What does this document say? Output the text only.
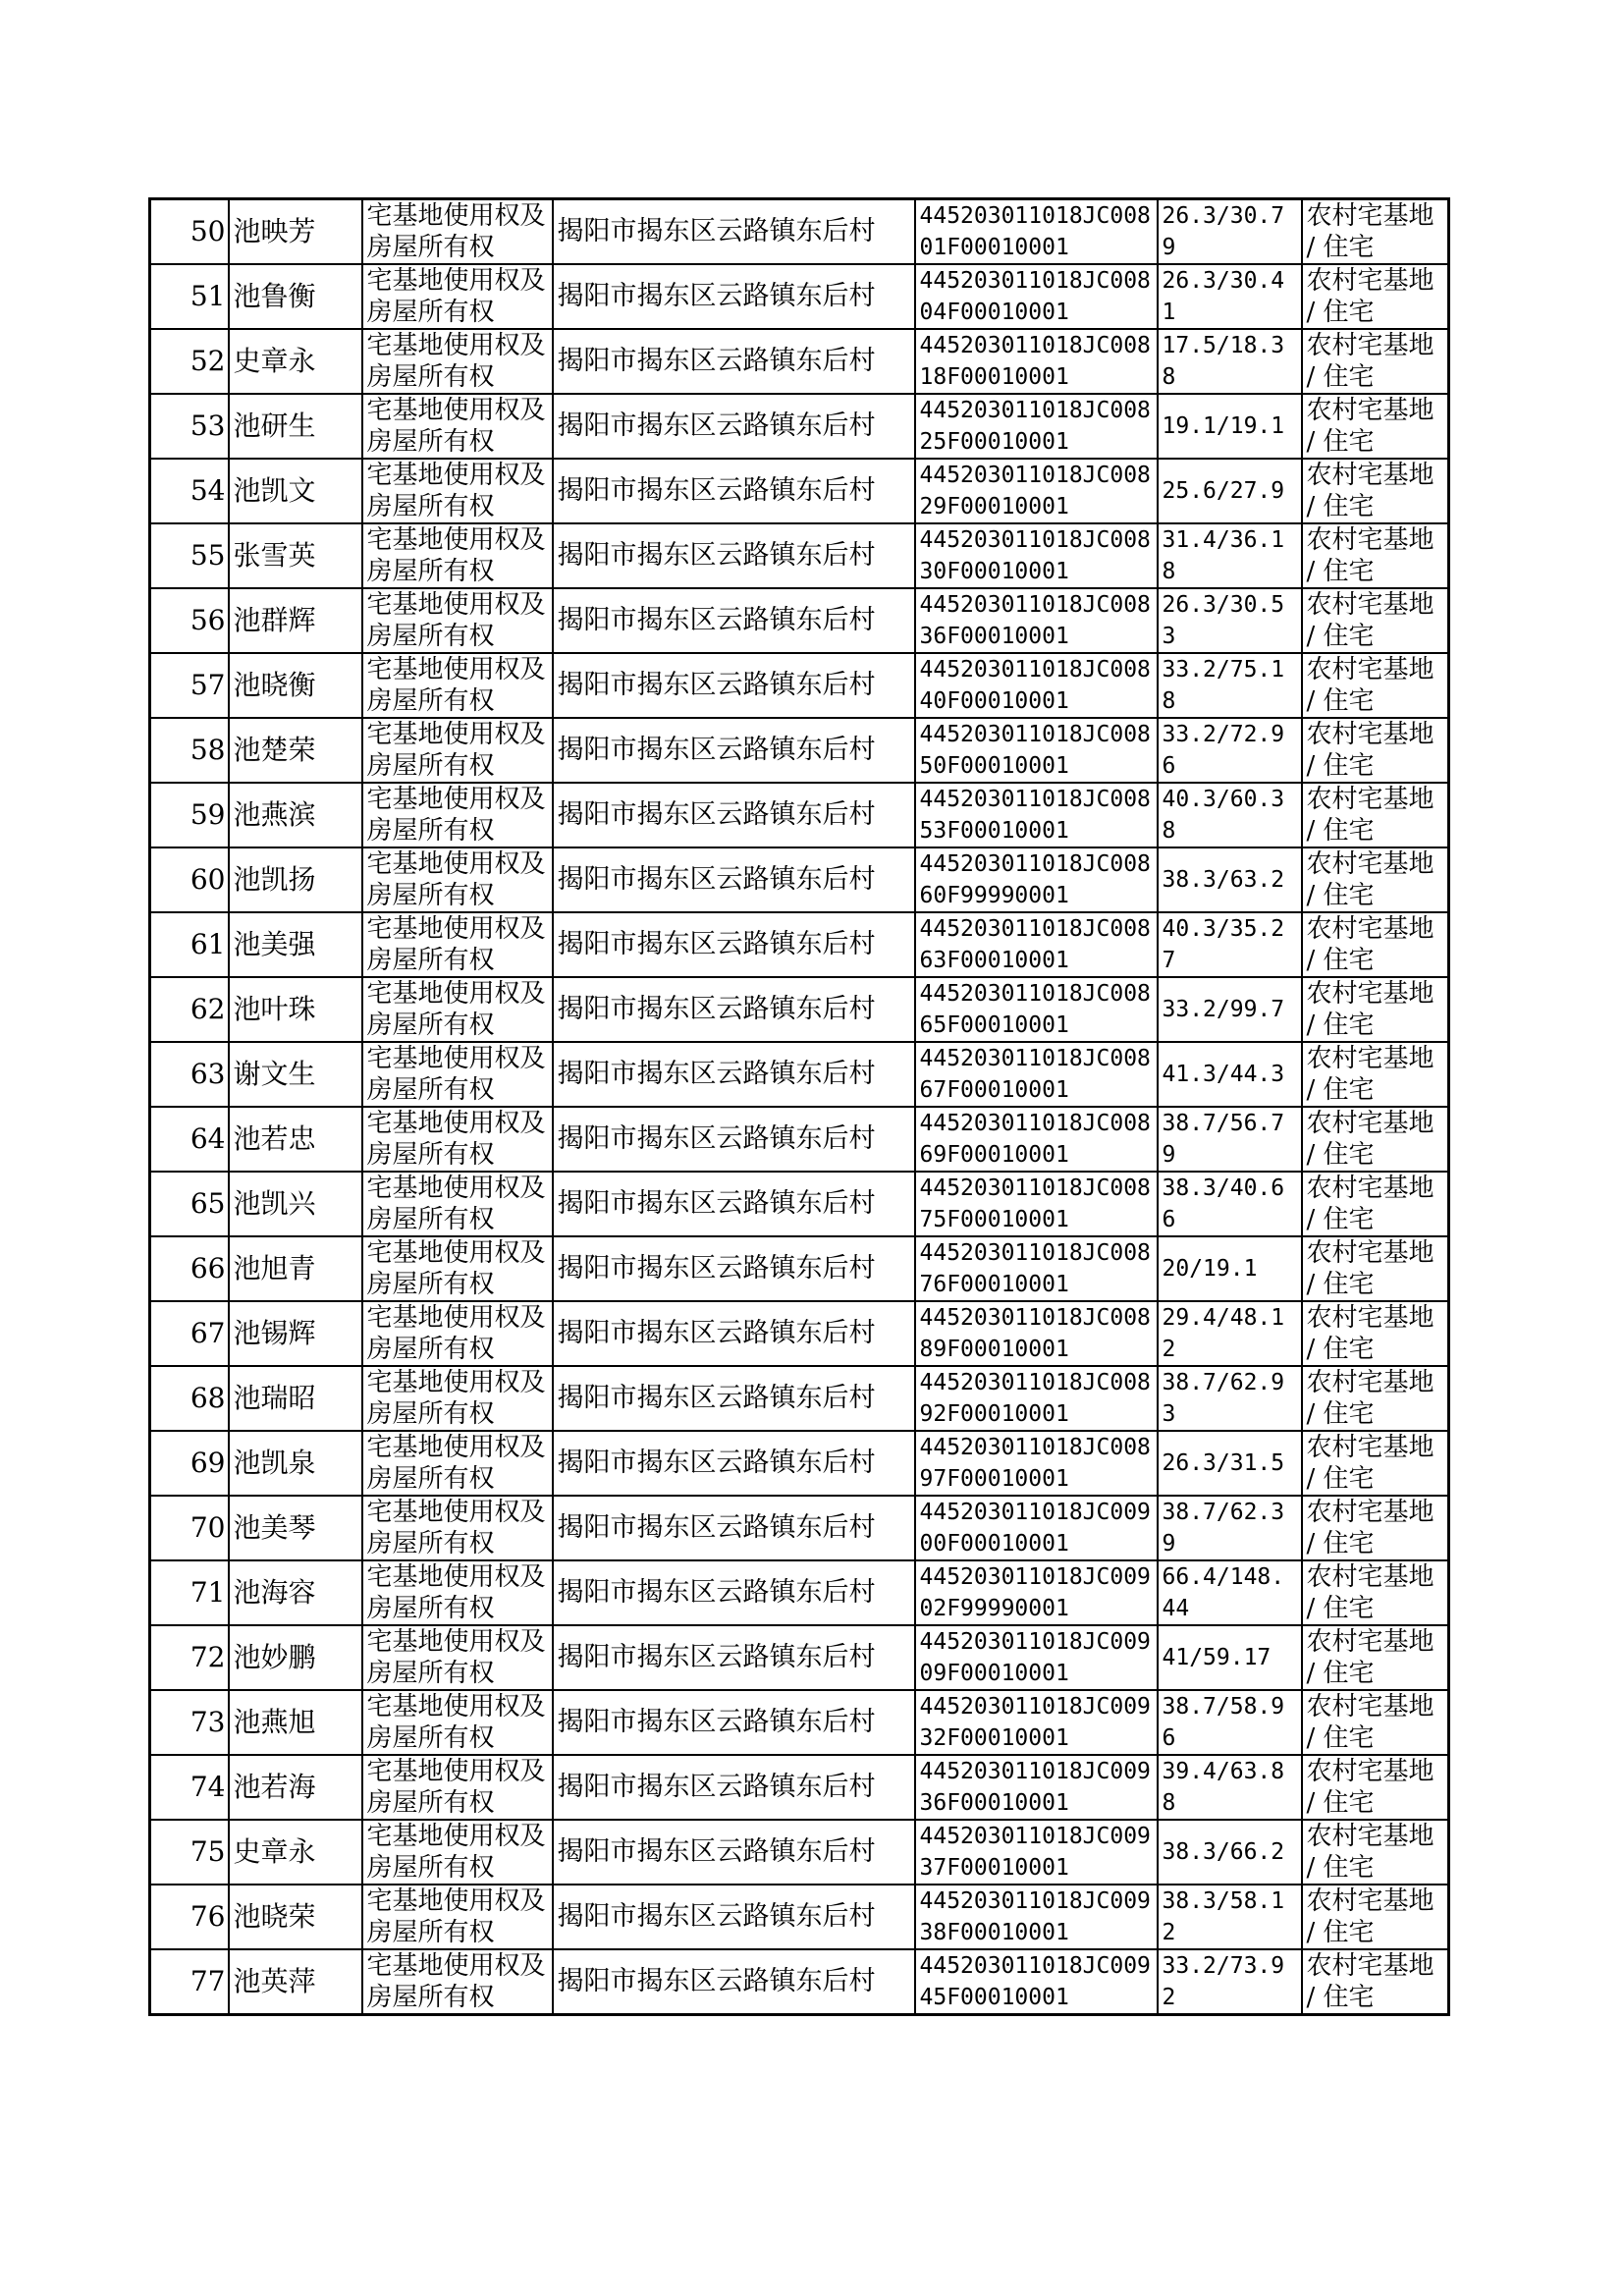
50	池映芳	宅基地使用权及房屋所有权	揭阳市揭东区云路镇东后村	445203011018JC00801F00010001	26.3/30.79	农村宅基地 / 住宅
51	池鲁衡	宅基地使用权及房屋所有权	揭阳市揭东区云路镇东后村	445203011018JC00804F00010001	26.3/30.41	农村宅基地 / 住宅
52	史章永	宅基地使用权及房屋所有权	揭阳市揭东区云路镇东后村	445203011018JC00818F00010001	17.5/18.38	农村宅基地 / 住宅
53	池研生	宅基地使用权及房屋所有权	揭阳市揭东区云路镇东后村	445203011018JC00825F00010001	19.1/19.1	农村宅基地 / 住宅
54	池凯文	宅基地使用权及房屋所有权	揭阳市揭东区云路镇东后村	445203011018JC00829F00010001	25.6/27.9	农村宅基地 / 住宅
55	张雪英	宅基地使用权及房屋所有权	揭阳市揭东区云路镇东后村	445203011018JC00830F00010001	31.4/36.18	农村宅基地 / 住宅
56	池群辉	宅基地使用权及房屋所有权	揭阳市揭东区云路镇东后村	445203011018JC00836F00010001	26.3/30.53	农村宅基地 / 住宅
57	池晓衡	宅基地使用权及房屋所有权	揭阳市揭东区云路镇东后村	445203011018JC00840F00010001	33.2/75.18	农村宅基地 / 住宅
58	池楚荣	宅基地使用权及房屋所有权	揭阳市揭东区云路镇东后村	445203011018JC00850F00010001	33.2/72.96	农村宅基地 / 住宅
59	池燕滨	宅基地使用权及房屋所有权	揭阳市揭东区云路镇东后村	445203011018JC00853F00010001	40.3/60.38	农村宅基地 / 住宅
60	池凯扬	宅基地使用权及房屋所有权	揭阳市揭东区云路镇东后村	445203011018JC00860F99990001	38.3/63.2	农村宅基地 / 住宅
61	池美强	宅基地使用权及房屋所有权	揭阳市揭东区云路镇东后村	445203011018JC00863F00010001	40.3/35.27	农村宅基地 / 住宅
62	池叶珠	宅基地使用权及房屋所有权	揭阳市揭东区云路镇东后村	445203011018JC00865F00010001	33.2/99.7	农村宅基地 / 住宅
63	谢文生	宅基地使用权及房屋所有权	揭阳市揭东区云路镇东后村	445203011018JC00867F00010001	41.3/44.3	农村宅基地 / 住宅
64	池若忠	宅基地使用权及房屋所有权	揭阳市揭东区云路镇东后村	445203011018JC00869F00010001	38.7/56.79	农村宅基地 / 住宅
65	池凯兴	宅基地使用权及房屋所有权	揭阳市揭东区云路镇东后村	445203011018JC00875F00010001	38.3/40.66	农村宅基地 / 住宅
66	池旭青	宅基地使用权及房屋所有权	揭阳市揭东区云路镇东后村	445203011018JC00876F00010001	20/19.1	农村宅基地 / 住宅
67	池锡辉	宅基地使用权及房屋所有权	揭阳市揭东区云路镇东后村	445203011018JC00889F00010001	29.4/48.12	农村宅基地 / 住宅
68	池瑞昭	宅基地使用权及房屋所有权	揭阳市揭东区云路镇东后村	445203011018JC00892F00010001	38.7/62.93	农村宅基地 / 住宅
69	池凯泉	宅基地使用权及房屋所有权	揭阳市揭东区云路镇东后村	445203011018JC00897F00010001	26.3/31.5	农村宅基地 / 住宅
70	池美琴	宅基地使用权及房屋所有权	揭阳市揭东区云路镇东后村	445203011018JC00900F00010001	38.7/62.39	农村宅基地 / 住宅
71	池海容	宅基地使用权及房屋所有权	揭阳市揭东区云路镇东后村	445203011018JC00902F99990001	66.4/148.44	农村宅基地 / 住宅
72	池妙鹏	宅基地使用权及房屋所有权	揭阳市揭东区云路镇东后村	445203011018JC00909F00010001	41/59.17	农村宅基地 / 住宅
73	池燕旭	宅基地使用权及房屋所有权	揭阳市揭东区云路镇东后村	445203011018JC00932F00010001	38.7/58.96	农村宅基地 / 住宅
74	池若海	宅基地使用权及房屋所有权	揭阳市揭东区云路镇东后村	445203011018JC00936F00010001	39.4/63.88	农村宅基地 / 住宅
75	史章永	宅基地使用权及房屋所有权	揭阳市揭东区云路镇东后村	445203011018JC00937F00010001	38.3/66.2	农村宅基地 / 住宅
76	池晓荣	宅基地使用权及房屋所有权	揭阳市揭东区云路镇东后村	445203011018JC00938F00010001	38.3/58.12	农村宅基地 / 住宅
77	池英萍	宅基地使用权及房屋所有权	揭阳市揭东区云路镇东后村	445203011018JC00945F00010001	33.2/73.92	农村宅基地 / 住宅
